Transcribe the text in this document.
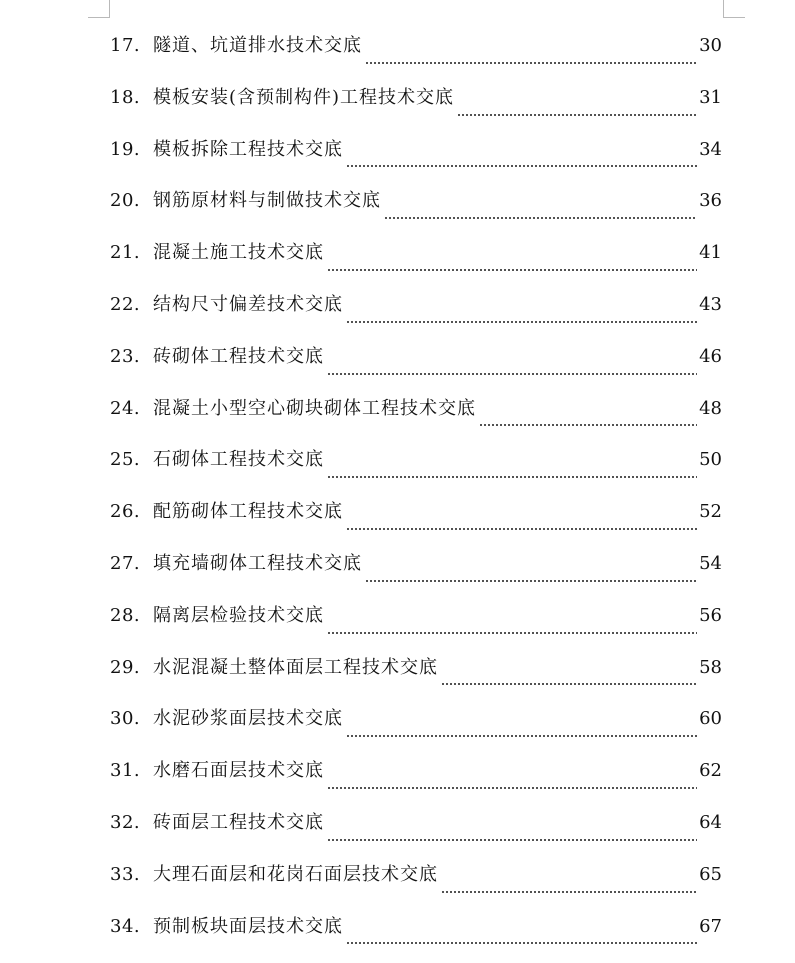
17. 隧道、坑道排水技术交底	30
18. 模板安装(含预制构件)工程技术交底	31
19. 模板拆除工程技术交底	34
20. 钢筋原材料与制做技术交底	36
21. 混凝土施工技术交底	41
22. 结构尺寸偏差技术交底	43
23. 砖砌体工程技术交底	46
24. 混凝土小型空心砌块砌体工程技术交底	48
25. 石砌体工程技术交底	50
26. 配筋砌体工程技术交底	52
27. 填充墙砌体工程技术交底	54
28. 隔离层检验技术交底	56
29. 水泥混凝土整体面层工程技术交底	58
30. 水泥砂浆面层技术交底	60
31. 水磨石面层技术交底	62
32. 砖面层工程技术交底	64
33. 大理石面层和花岗石面层技术交底	65
34. 预制板块面层技术交底	67
